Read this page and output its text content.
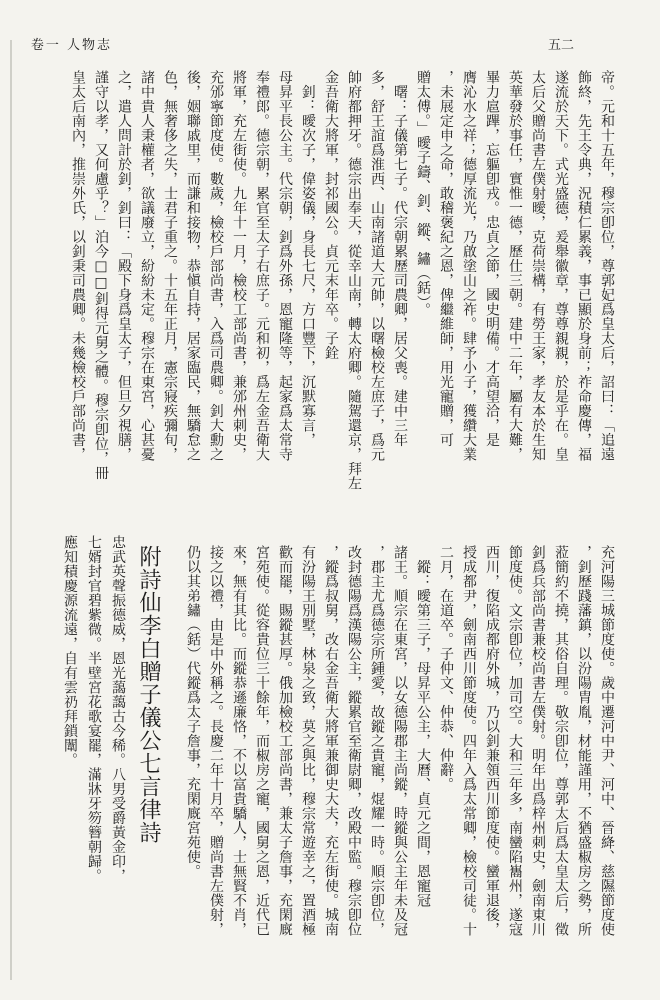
卷一 人物志	五二
帝。元和十五年，穆宗卽位，尊郭妃爲皇太后，詔曰：「追遠
飾終，先王令典，況積仁累義，事已顯於身前；祚命慶傳，福
遂流於天下。式光盛德，爰舉徽章，尊尊親親，於是乎在。皇
太后父贈尚書左僕射曖，克荷崇構，有勞王家，孝友本於生知
英華發於事任，實惟一德，歷仕三朝。建中二年，屬有大難，
畢力扈蹕，忘軀卽戎。忠貞之節，國史明備。才高望洽，是
膺沁水之祥；德厚流光，乃啟塗山之祚。肆予小子，獲纘大業
，未展定申之命，敢稽褒紀之恩，俾繼維師，用光寵贈，可
贈太傅。」曖子鑄、釗、鏦、鏽（銛）。
　曙：子儀第七子。代宗朝累歷司農卿，居父喪。建中三年
多，舒王誼爲淮西、山南諸道大元帥，以曙檢校左庶子，爲元
帥府都押牙。德宗出奉天，從幸山南，轉太府卿。隨駕還京，拜左
金吾衛大將軍，封祁國公。貞元末年卒。子銓
　釗：曖次子，偉姿儀，身長七尺，方口豐下，沉默寡言，
母昇平長公主。代宗朝，釗爲外孫，恩寵隆等，起家爲太常寺
奉禮郎。德宗朝，累官至太子右庶子。元和初，爲左金吾衛大
將軍，充左街使。九年十一月，檢校工部尚書，兼邠州刺史，
充邠寧節度使。數歲，檢校戶部尚書，入爲司農卿。釗大勳之
後，姻聯戚里，而謙和接物，恭愼自持，居家臨民，無驕怠之
色，無奢侈之失，士君子重之。十五年正月，憲宗寢疾彌旬，
諸中貴人秉權者，欲議廢立，紛紛未定。穆宗在東宮，心甚憂
之，遣人問計於釗，釗曰：「殿下身爲皇太子，但旦夕視膳，
謹守以孝，又何慮乎？」泊今□□釗得元舅之體。穆宗卽位，冊
皇太后南內，推崇外氏，以釗秉司農卿。未幾檢校戶部尚書，
充河陽三城節度使。歲中遷河中尹、河中、晉絳、慈隰節度使
，釗歷踐藩鎮，以汾陽胄胤，材能謹用，不猶盛椒房之勢，所
蒞簡約不撓，其俗自理。敬宗卽位，尊郭太后爲太皇太后，徵
釗爲兵部尚書兼校尚書左僕射。明年出爲梓州刺史，劍南東川
節度使。文宗卽位，加司空。大和三年多，南蠻陷巂州，遂寇
西川，復陷成都府外城，乃以釗兼領西川節度使。蠻軍退後，
授成都尹，劍南西川節度使。四年入爲太常卿，檢校司徒。十
二月，在道卒。子仲文、仲恭、仲辭。
　鏦：曖第三子，母昇平公主，大曆、貞元之間，恩寵冠
諸王。順宗在東宮，以女德陽郡主尚鏦，時鏦與公主年未及冠
，郡主尤爲德宗所鍾愛，故鏦之貴寵，焜耀一時。順宗卽位，
改封德陽爲漢陽公主，鏦累官至衛尉卿，改殿中監。穆宗卽位
，鏦爲叔舅，改右金吾衛大將軍兼御史大夫，充左街使。城南
有汾陽王別墅，林泉之致，莫之與比，穆宗常遊幸之，置酒極
歡而罷，賜鏦甚厚。俄加檢校工部尚書，兼太子詹事，充閑廐
宮苑使。從容貴位三十餘年，而椒房之寵，國舅之恩，近代已
來，無有其比。而鏦恭遜廉恪，不以富貴驕人，士無賢不肖，
接之以禮，由是中外稱之。長慶二年十月卒，贈尚書左僕射，
仍以其弟鏽（銛）代鏦爲太子詹事，充閑廐宮苑使。
附詩仙李白贈子儀公七言律詩
忠武英聲振德威，恩光藹藹古今稀。八男受爵黃金印，
七婿封官碧紫微。半壁宮花歌宴罷，滿牀牙笏簪朝歸。
應知積慶源流遠，自有雲礽拜鎖闈。
